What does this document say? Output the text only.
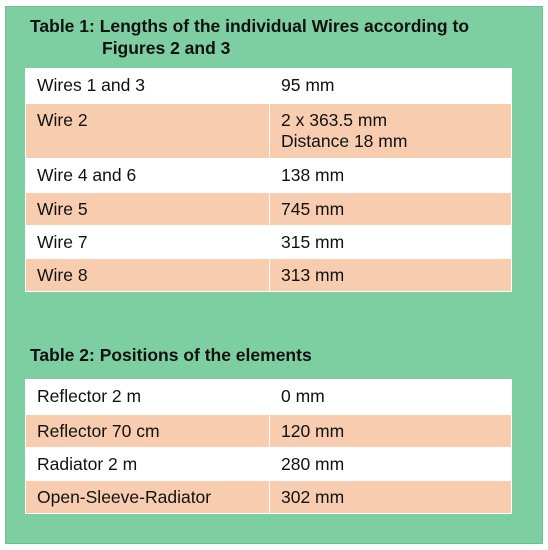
Table 1: Lengths of the individual Wires according to
Figures 2 and 3
Wires 1 and 3	95 mm
Wire 2	2 x 363.5 mm
Distance 18 mm

Wire 4 and 6	138 mm
Wire 5	745 mm
Wire 7	315 mm
Wire 8	313 mm
Table 2: Positions of the elements
Reflector 2 m	0 mm
Reflector 70 cm	120 mm
Radiator 2 m	280 mm
Open-Sleeve-Radiator	302 mm
